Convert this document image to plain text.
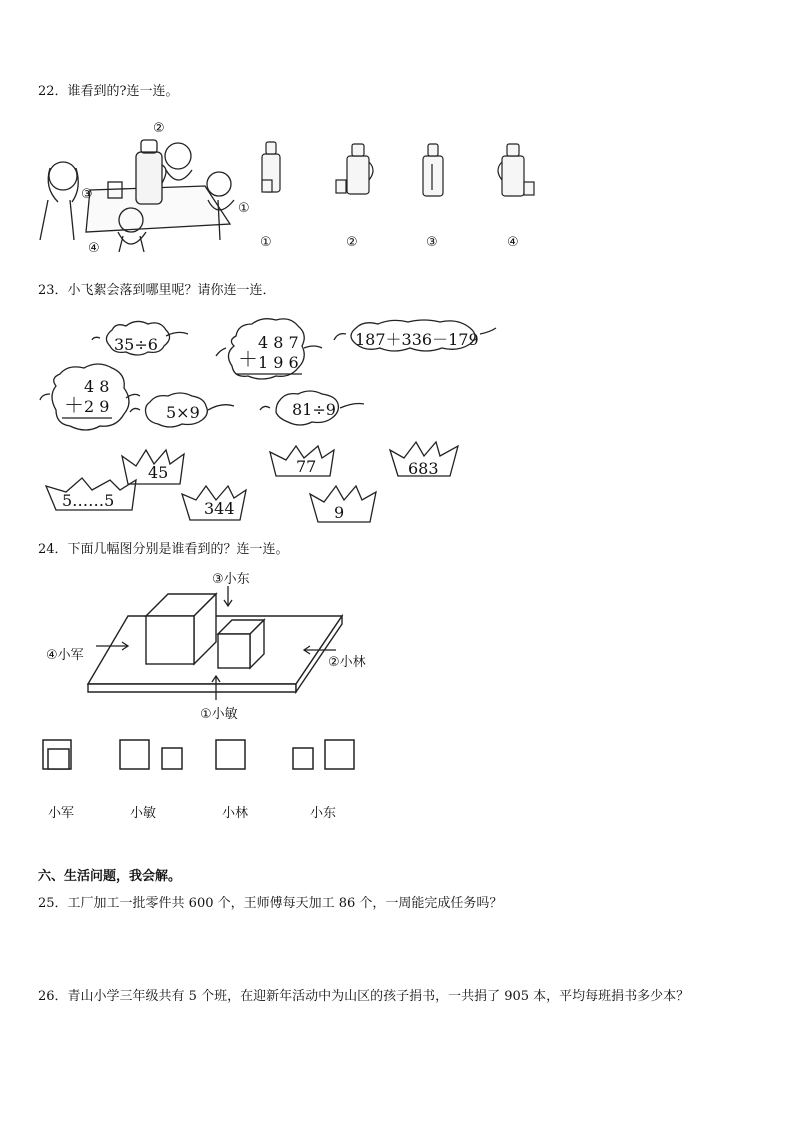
22．谁看到的?连一连。
②
③
①
④	①	②	③	④
23．小飞絮会落到哪里呢？请你连一连．
35÷6	187＋336－179
5×9	81÷9
4 8 7
＋ 1 9 6
4 8
＋ 2 9
45	77	683
5……5	344	9
24．下面几幅图分别是谁看到的？连一连。
③小东
④小军	②小林
①小敏
小军	小敏	小林	小东
六、生活问题，我会解。
25．工厂加工一批零件共 600 个，王师傅每天加工 86 个，一周能完成任务吗？
26．青山小学三年级共有 5 个班，在迎新年活动中为山区的孩子捐书，一共捐了 905 本，平均每班捐书多少本？
